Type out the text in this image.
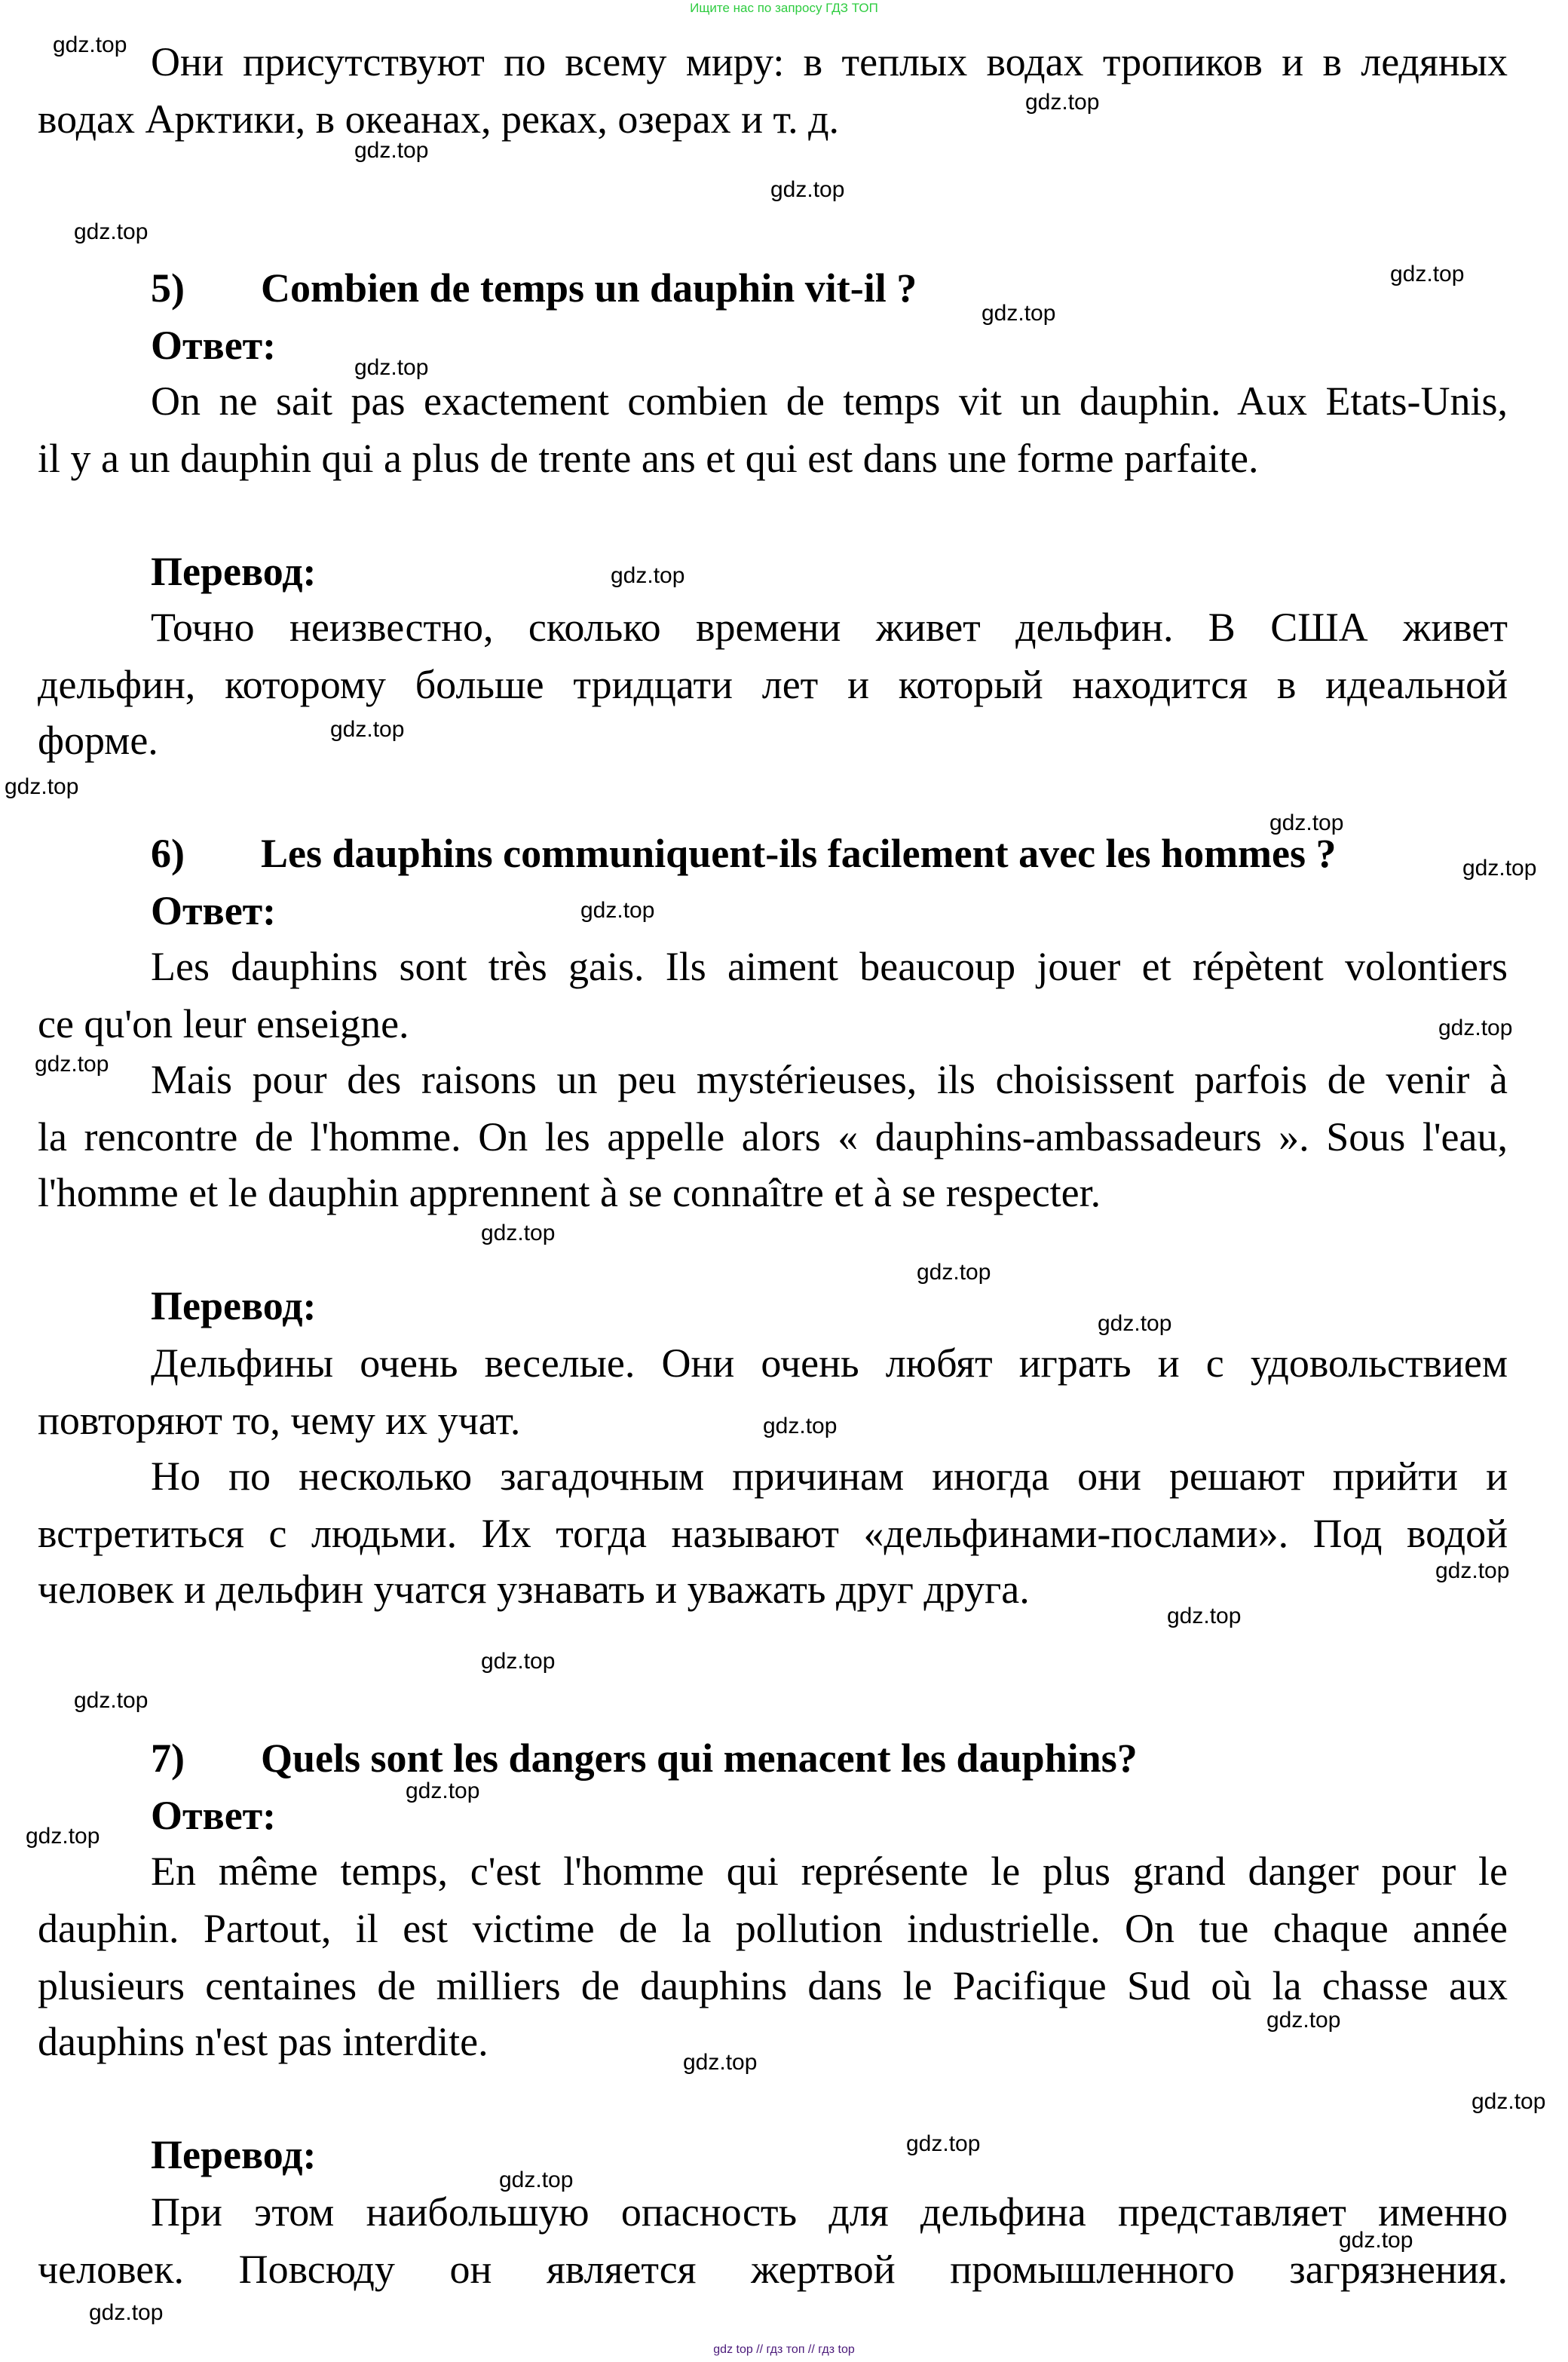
Ищите нас по запросу ГДЗ ТОП
Они присутствуют по всему миру: в теплых водах тропиков и в ледяных
водах Арктики, в океанах, реках, озерах и т. д.
5) Combien de temps un dauphin vit-il ?
Ответ:
On ne sait pas exactement combien de temps vit un dauphin. Aux Etats-Unis,
il y a un dauphin qui a plus de trente ans et qui est dans une forme parfaite.
Перевод:
Точно неизвестно, сколько времени живет дельфин. В США живет
дельфин, которому больше тридцати лет и который находится в идеальной
форме.
6) Les dauphins communiquent-ils facilement avec les hommes ?
Ответ:
Les dauphins sont très gais. Ils aiment beaucoup jouer et répètent volontiers
ce qu'on leur enseigne.
Mais pour des raisons un peu mystérieuses, ils choisissent parfois de venir à
la rencontre de l'homme. On les appelle alors « dauphins-ambassadeurs ». Sous l'eau,
l'homme et le dauphin apprennent à se connaître et à se respecter.
Перевод:
Дельфины очень веселые. Они очень любят играть и с удовольствием
повторяют то, чему их учат.
Но по несколько загадочным причинам иногда они решают прийти и
встретиться с людьми. Их тогда называют «дельфинами-послами». Под водой
человек и дельфин учатся узнавать и уважать друг друга.
7) Quels sont les dangers qui menacent les dauphins?
Ответ:
En même temps, c'est l'homme qui représente le plus grand danger pour le
dauphin. Partout, il est victime de la pollution industrielle. On tue chaque année
plusieurs centaines de milliers de dauphins dans le Pacifique Sud où la chasse aux
dauphins n'est pas interdite.
Перевод:
При этом наибольшую опасность для дельфина представляет именно
человек. Повсюду он является жертвой промышленного загрязнения.
gdz.top
gdz.top
gdz.top
gdz.top
gdz.top
gdz.top
gdz.top
gdz.top
gdz.top
gdz.top
gdz.top
gdz.top
gdz.top
gdz.top
gdz.top
gdz.top
gdz.top
gdz.top
gdz.top
gdz.top
gdz.top
gdz.top
gdz.top
gdz.top
gdz.top
gdz.top
gdz.top
gdz.top
gdz.top
gdz.top
gdz.top
gdz.top
gdz.top
gdz top // гдз топ // гдз top
